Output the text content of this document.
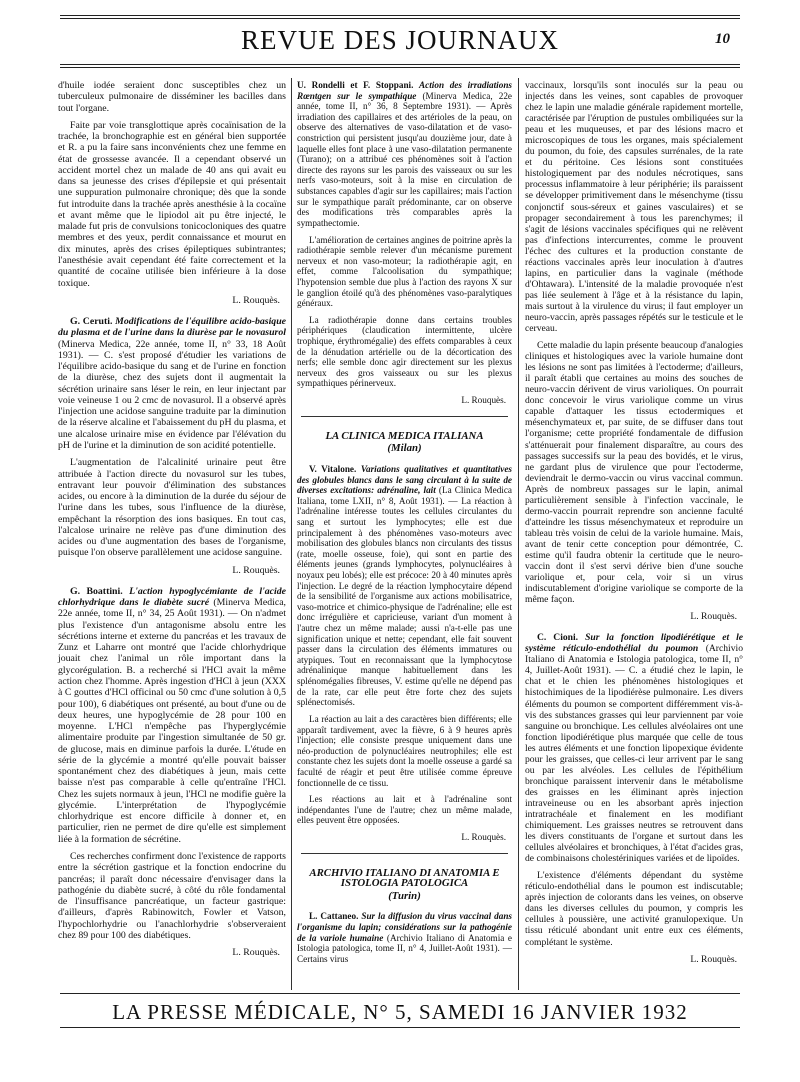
REVUE DES JOURNAUX	10

d'huile iodée seraient donc susceptibles chez un tuberculeux pulmonaire de disséminer les bacilles dans tout l'organe.

Faite par voie transglottique après cocaïnisation de la trachée, la bronchographie est en général bien supportée et R. a pu la faire sans inconvénients chez une femme en état de grossesse avancée. Il a cependant observé un accident mortel chez un malade de 40 ans qui avait eu dans sa jeunesse des crises d'épilepsie et qui présentait une suppuration pulmonaire chronique; dès que la sonde fut introduite dans la trachée après anesthésie à la cocaïne et avant même que le lipiodol ait pu être injecté, le malade fut pris de convulsions tonicocloniques des quatre membres et des yeux, perdit connaissance et mourut en dix minutes, après des crises épileptiques subintrantes; l'anesthésie avait cependant été faite correctement et la quantité de cocaïne utilisée bien inférieure à la dose toxique.

L. Rouquès.

G. Ceruti. Modifications de l'équilibre acido-basique du plasma et de l'urine dans la diurèse par le novasurol (Minerva Medica, 22e année, tome II, n° 33, 18 Août 1931). — C. s'est proposé d'étudier les variations de l'équilibre acido-basique du sang et de l'urine en fonction de la diurèse, chez des sujets dont il augmentait la sécrétion urinaire sans léser le rein, en leur injectant par voie veineuse 1 ou 2 cmc de novasurol. Il a observé après l'injection une acidose sanguine traduite par la diminution de la réserve alcaline et l'abaissement du pH du plasma, et une alcalose urinaire mise en évidence par l'élévation du pH de l'urine et la diminution de son acidité potentielle.

L'augmentation de l'alcalinité urinaire peut être attribuée à l'action directe du novasurol sur les tubes, entravant leur pouvoir d'élimination des substances acides, ou encore à la diminution de la durée du séjour de l'urine dans les tubes, sous l'influence de la diurèse, empêchant la résorption des ions basiques. En tout cas, l'alcalose urinaire ne relève pas d'une diminution des acides ou d'une augmentation des bases de l'organisme, puisque l'on observe parallèlement une acidose sanguine.

L. Rouquès.

G. Boattini. L'action hypoglycémiante de l'acide chlorhydrique dans le diabète sucré (Minerva Medica, 22e année, tome II, n° 34, 25 Août 1931). — On n'admet plus l'existence d'un antagonisme absolu entre les sécrétions interne et externe du pancréas et les travaux de Zunz et Laharre ont montré que l'acide chlorhydrique jouait chez l'animal un rôle important dans la glycorégulation. B. a recherché si l'HCl avait la même action chez l'homme. Après ingestion d'HCl à jeun (XXX à C gouttes d'HCl officinal ou 50 cmc d'une solution à 0,5 pour 100), 6 diabétiques ont présenté, au bout d'une ou de deux heures, une hypoglycémie de 28 pour 100 en moyenne. L'HCl n'empêche pas l'hyperglycémie alimentaire produite par l'ingestion simultanée de 50 gr. de glucose, mais en diminue parfois la durée. L'étude en série de la glycémie a montré qu'elle pouvait baisser spontanément chez des diabétiques à jeun, mais cette baisse n'est pas comparable à celle qu'entraîne l'HCl. Chez les sujets normaux à jeun, l'HCl ne modifie guère la glycémie. L'interprétation de l'hypoglycémie chlorhydrique est encore difficile à donner et, en particulier, rien ne permet de dire qu'elle est simplement liée à la formation de sécrétine.

Ces recherches confirment donc l'existence de rapports entre la sécrétion gastrique et la fonction endocrine du pancréas; il paraît donc nécessaire d'envisager dans la pathogénie du diabète sucré, à côté du rôle fondamental de l'insuffisance pancréatique, un facteur gastrique: d'ailleurs, d'après Rabinowitch, Fowler et Vatson, l'hypochlorhydrie ou l'anachlorhydrie s'observeraient chez 89 pour 100 des diabétiques.

L. Rouquès.

U. Rondelli et F. Stoppani. Action des irradiations Rœntgen sur le sympathique (Minerva Medica, 22e année, tome II, n° 36, 8 Septembre 1931). — Après irradiation des capillaires et des artérioles de la peau, on observe des alternatives de vaso-dilatation et de vaso-constriction qui persistent jusqu'au douzième jour, date à laquelle elles font place à une vaso-dilatation permanente (Turano); on a attribué ces phénomènes soit à l'action directe des rayons sur les parois des vaisseaux ou sur les nerfs vaso-moteurs, soit à la mise en circulation de substances capables d'agir sur les capillaires; mais l'action sur le sympathique paraît prédominante, car on observe des modifications très comparables après la sympathectomie.

L'amélioration de certaines angines de poitrine après la radiothérapie semble relever d'un mécanisme purement nerveux et non vaso-moteur; la radiothérapie agit, en effet, comme l'alcoolisation du sympathique; l'hypotension semble due plus à l'action des rayons X sur le ganglion étoilé qu'à des phénomènes vaso-paralytiques généraux.

La radiothérapie donne dans certains troubles périphériques (claudication intermittente, ulcère trophique, érythromégalie) des effets comparables à ceux de la dénudation artérielle ou de la décortication des nerfs; elle semble donc agir directement sur les plexus nerveux des gros vaisseaux ou sur les plexus sympathiques périnerveux.

L. Rouquès.
LA CLINICA MEDICA ITALIANA
(Milan)

V. Vitalone. Variations qualitatives et quantitatives des globules blancs dans le sang circulant à la suite de diverses excitations: adrénaline, lait (La Clinica Medica Italiana, tome LXII, n° 8, Août 1931). — La réaction à l'adrénaline intéresse toutes les cellules circulantes du sang et surtout les lymphocytes; elle est due principalement à des phénomènes vaso-moteurs avec mobilisation des globules blancs non circulants des tissus (rate, moelle osseuse, foie), qui sont en partie des éléments jeunes (grands lymphocytes, polynucléaires à noyaux peu lobés); elle est précoce: 20 à 40 minutes après l'injection. Le degré de la réaction lymphocytaire dépend de la sensibilité de l'organisme aux actions mobilisatrice, vaso-motrice et chimico-physique de l'adrénaline; elle est donc irrégulière et capricieuse, variant d'un moment à l'autre chez un même malade; aussi n'a-t-elle pas une signification unique et nette; cependant, elle fait souvent passer dans la circulation des éléments immatures ou atypiques. Tout en reconnaissant que la lymphocytose adrénalinique manque habituellement dans les splénomégalies fibreuses, V. estime qu'elle ne dépend pas de la rate, car elle peut être forte chez des sujets splénectomisés.

La réaction au lait a des caractères bien différents; elle apparaît tardivement, avec la fièvre, 6 à 9 heures après l'injection; elle consiste presque uniquement dans une néo-production de polynucléaires neutrophiles; elle est constante chez les sujets dont la moelle osseuse a gardé sa faculté de réagir et peut être utilisée comme épreuve fonctionnelle de ce tissu.

Les réactions au lait et à l'adrénaline sont indépendantes l'une de l'autre; chez un même malade, elles peuvent être opposées.

L. Rouquès.
ARCHIVIO ITALIANO DI ANATOMIA E ISTOLOGIA PATOLOGICA
(Turin)

L. Cattaneo. Sur la diffusion du virus vaccinal dans l'organisme du lapin; considérations sur la pathogénie de la variole humaine (Archivio Italiano di Anatomia e Istologia patologica, tome II, n° 4, Juillet-Août 1931). — Certains virus

vaccinaux, lorsqu'ils sont inoculés sur la peau ou injectés dans les veines, sont capables de provoquer chez le lapin une maladie générale rapidement mortelle, caractérisée par l'éruption de pustules ombiliquées sur la peau et les muqueuses, et par des lésions macro et microscopiques de tous les organes, mais spécialement du poumon, du foie, des capsules surrénales, de la rate et du péritoine. Ces lésions sont constituées histologiquement par des nodules nécrotiques, sans processus inflammatoire à leur périphérie; ils paraissent se développer primitivement dans le mésenchyme (tissu conjonctif sous-séreux et gaines vasculaires) et se propager secondairement à tous les parenchymes; il s'agit de lésions vaccinales spécifiques qui ne relèvent pas d'infections intercurrentes, comme le prouvent l'échec des cultures et la production constante de réactions vaccinales après leur inoculation à d'autres lapins, en particulier dans la vaginale (méthode d'Ohtawara). L'intensité de la maladie provoquée n'est pas liée seulement à l'âge et à la résistance du lapin, mais surtout à la virulence du virus; il faut employer un neuro-vaccin, après passages répétés sur le testicule et le cerveau.

Cette maladie du lapin présente beaucoup d'analogies cliniques et histologiques avec la variole humaine dont les lésions ne sont pas limitées à l'ectoderme; d'ailleurs, il paraît établi que certaines au moins des souches de neuro-vaccin dérivent de virus varioliques. On pourrait donc concevoir le virus variolique comme un virus capable d'attaquer les tissus ectodermiques et mésenchymateux et, par suite, de se diffuser dans tout l'organisme; cette propriété fondamentale de diffusion s'atténuerait pour finalement disparaître, au cours des passages successifs sur la peau des bovidés, et le virus, ne gardant plus de virulence que pour l'ectoderme, deviendrait le dermo-vaccin ou virus vaccinal commun. Après de nombreux passages sur le lapin, animal particulièrement sensible à l'infection vaccinale, le dermo-vaccin pourrait reprendre son ancienne faculté d'atteindre les tissus mésenchymateux et reproduire un tableau très voisin de celui de la variole humaine. Mais, avant de tenir cette conception pour démontrée, C. estime qu'il faudra obtenir la certitude que le neuro-vaccin dont il s'est servi dérive bien d'une souche variolique et, pour cela, voir si un virus indiscutablement d'origine variolique se comporte de la même façon.

L. Rouquès.

C. Cioni. Sur la fonction lipodiérétique et le système réticulo-endothélial du poumon (Archivio Italiano di Anatomia e Istologia patologica, tome II, n° 4, Juillet-Août 1931). — C. a étudié chez le lapin, le chat et le chien les phénomènes histologiques et histochimiques de la lipodiérèse pulmonaire. Les divers éléments du poumon se comportent différemment vis-à-vis des substances grasses qui leur parviennent par voie sanguine ou bronchique. Les cellules alvéolaires ont une fonction lipodiérétique plus marquée que celle de tous les autres éléments et une fonction lipopexique évidente pour les graisses, que celles-ci leur arrivent par le sang ou par les alvéoles. Les cellules de l'épithélium bronchique paraissent intervenir dans le métabolisme des graisses en les éliminant après injection intraveineuse ou en les absorbant après injection intratrachéale et finalement en les modifiant chimiquement. Les graisses neutres se retrouvent dans les divers constituants de l'organe et surtout dans les cellules alvéolaires et bronchiques, à l'état d'acides gras, de combinaisons cholestériniques variées et de lipoïdes.

L'existence d'éléments dépendant du système réticulo-endothélial dans le poumon est indiscutable; après injection de colorants dans les veines, on observe dans les diverses cellules du poumon, y compris les cellules à poussière, une activité granulopexique. Un tissu réticulé abondant unit entre eux ces éléments, complétant le système.

L. Rouquès.
LA PRESSE MÉDICALE, N° 5, SAMEDI 16 JANVIER 1932
